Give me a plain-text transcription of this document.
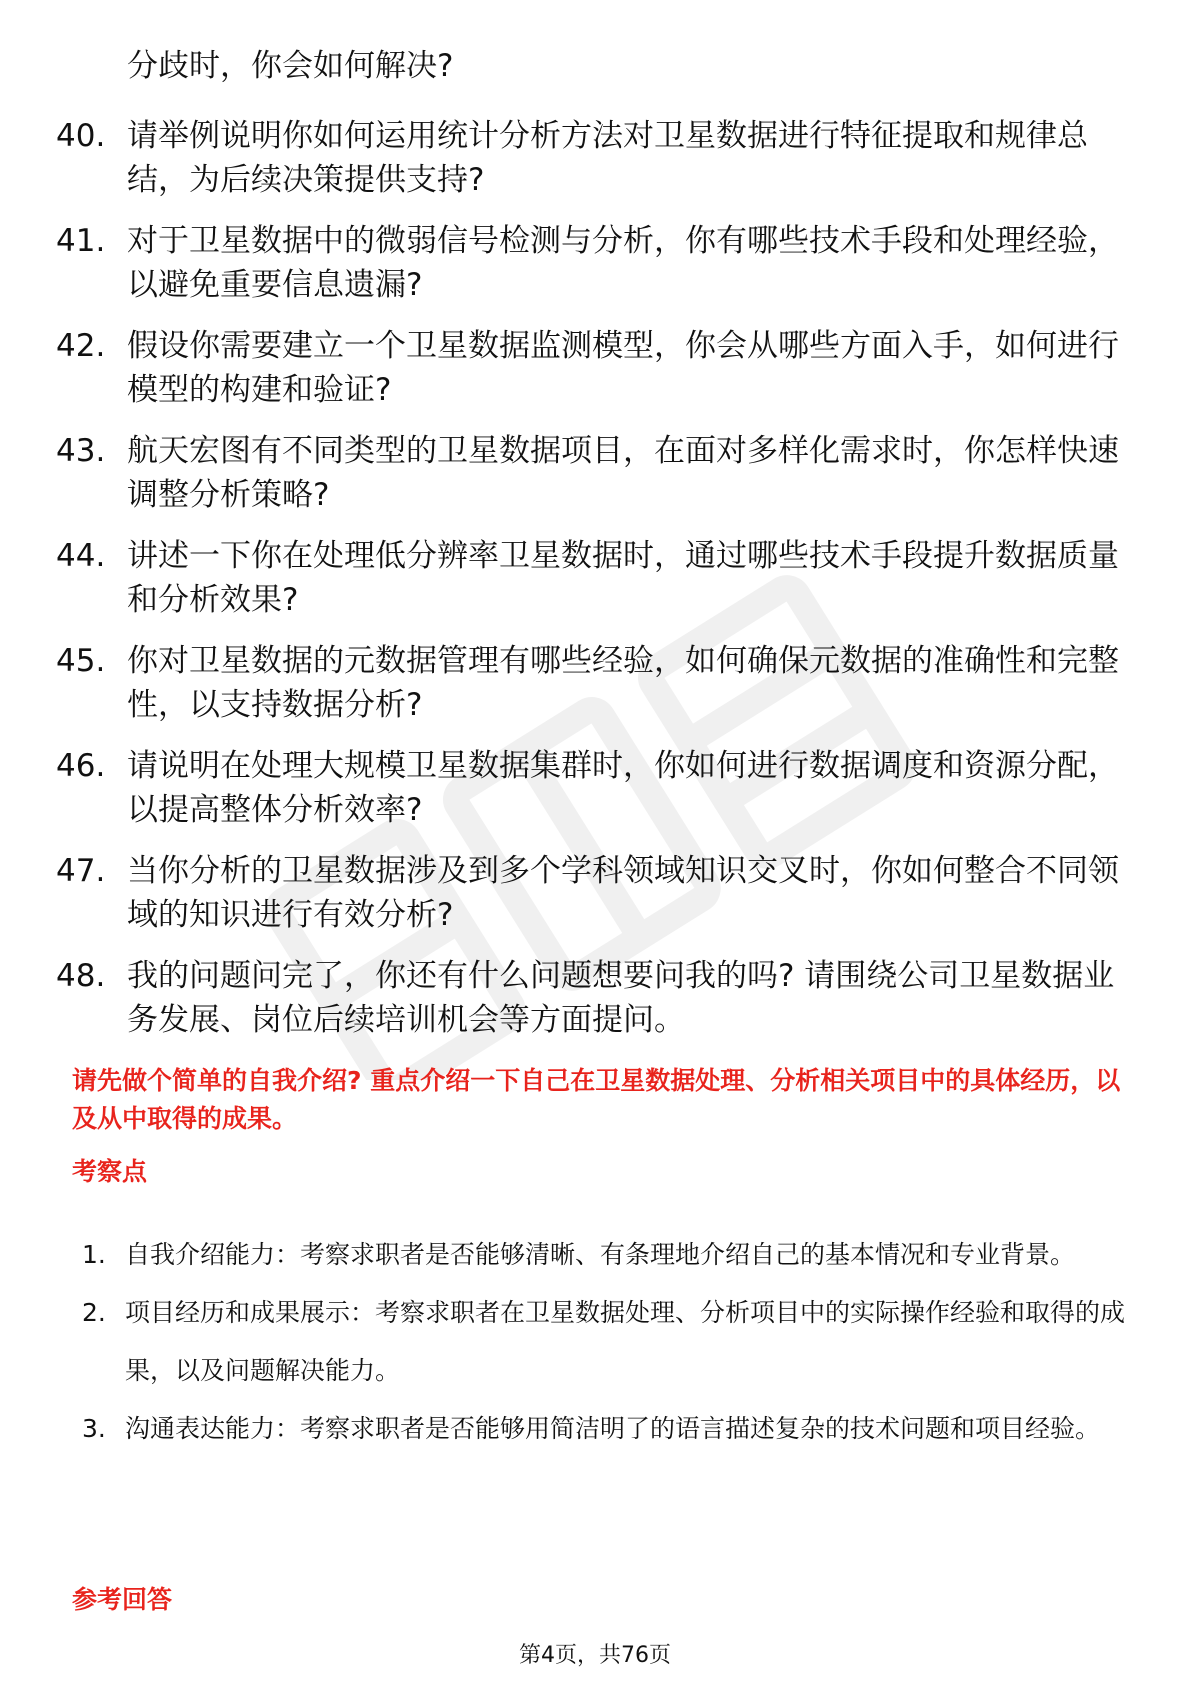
分歧时，你会如何解决?
40. 请举例说明你如何运用统计分析方法对卫星数据进行特征提取和规律总结，为后续决策提供支持?
41. 对于卫星数据中的微弱信号检测与分析，你有哪些技术手段和处理经验，以避免重要信息遗漏?
42. 假设你需要建立一个卫星数据监测模型，你会从哪些方面入手，如何进行模型的构建和验证?
43. 航天宏图有不同类型的卫星数据项目，在面对多样化需求时，你怎样快速调整分析策略?
44. 讲述一下你在处理低分辨率卫星数据时，通过哪些技术手段提升数据质量和分析效果?
45. 你对卫星数据的元数据管理有哪些经验，如何确保元数据的准确性和完整性，以支持数据分析?
46. 请说明在处理大规模卫星数据集群时，你如何进行数据调度和资源分配，以提高整体分析效率?
47. 当你分析的卫星数据涉及到多个学科领域知识交叉时，你如何整合不同领域的知识进行有效分析?
48. 我的问题问完了，你还有什么问题想要问我的吗? 请围绕公司卫星数据业务发展、岗位后续培训机会等方面提问。
请先做个简单的自我介绍? 重点介绍一下自己在卫星数据处理、分析相关项目中的具体经历，以及从中取得的成果。
考察点
1. 自我介绍能力：考察求职者是否能够清晰、有条理地介绍自己的基本情况和专业背景。
2. 项目经历和成果展示：考察求职者在卫星数据处理、分析项目中的实际操作经验和取得的成果，以及问题解决能力。
3. 沟通表达能力：考察求职者是否能够用简洁明了的语言描述复杂的技术问题和项目经验。
参考回答
第4页，共76页
